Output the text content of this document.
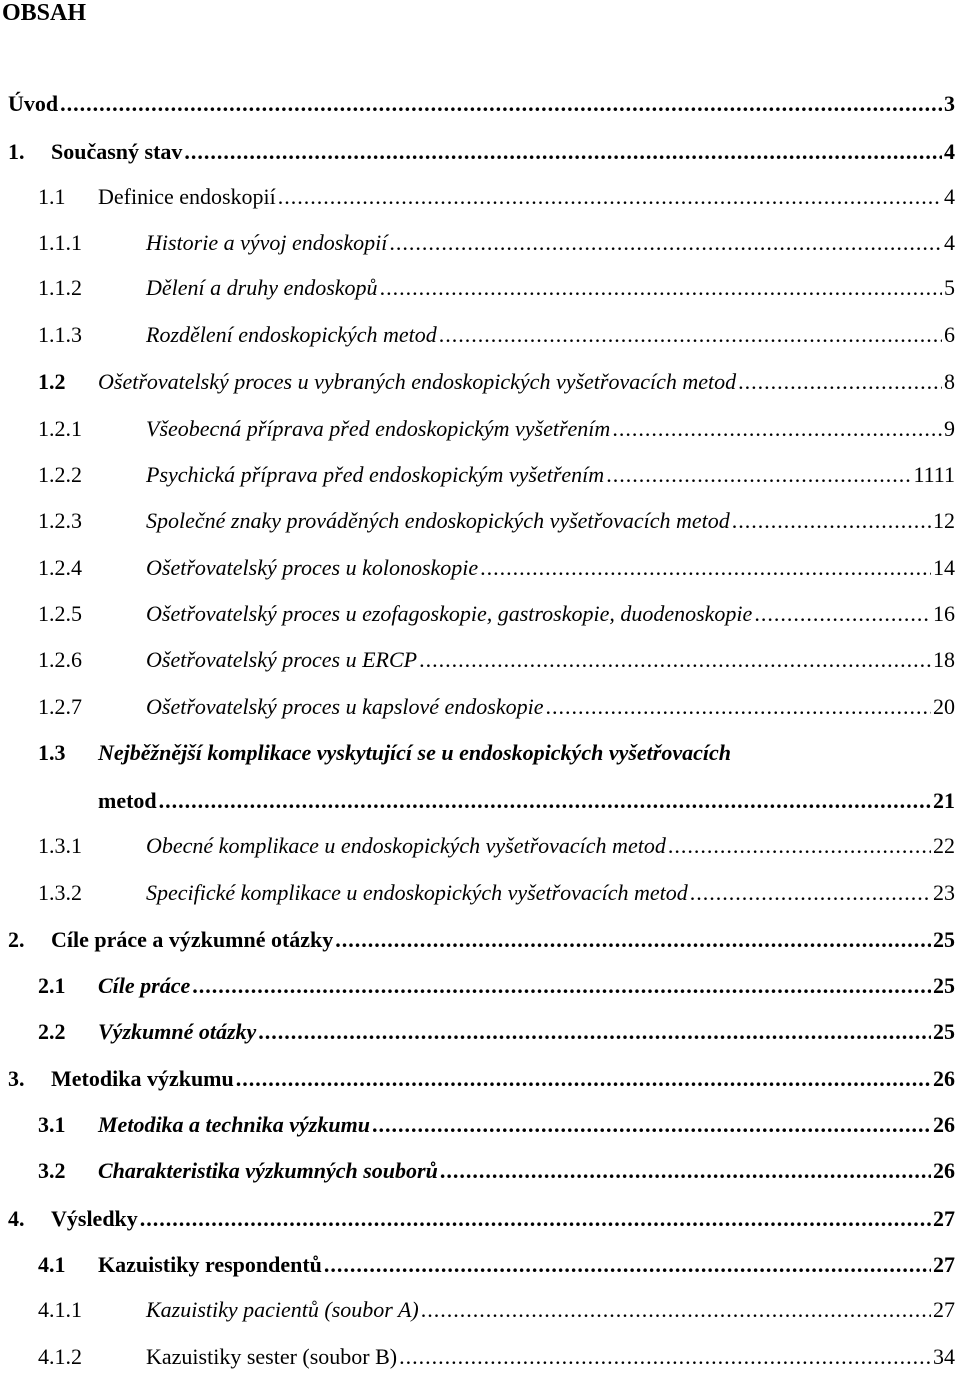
OBSAH
Úvod .....	3
1.	Současný stav .....	4
1.1	Definice endoskopií .....	4
1.1.1	Historie a vývoj endoskopií .....	4
1.1.2	Dělení a druhy endoskopů .....	5
1.1.3	Rozdělení endoskopických metod .....	6
1.2	Ošetřovatelský proces u vybraných endoskopických vyšetřovacích metod .....	8
1.2.1	Všeobecná příprava před endoskopickým vyšetřením .....	9
1.2.2	Psychická příprava před endoskopickým vyšetřením .....	1111
1.2.3	Společné znaky prováděných endoskopických vyšetřovacích metod .....	12
1.2.4	Ošetřovatelský proces u kolonoskopie .....	14
1.2.5	Ošetřovatelský proces u ezofagoskopie, gastroskopie, duodenoskopie .....	16
1.2.6	Ošetřovatelský proces u ERCP .....	18
1.2.7	Ošetřovatelský proces u kapslové endoskopie .....	20
1.3	Nejběžnější komplikace vyskytující se u endoskopických vyšetřovacích
metod .....	21
1.3.1	Obecné komplikace u endoskopických vyšetřovacích metod .....	22
1.3.2	Specifické komplikace u endoskopických vyšetřovacích metod .....	23
2.	Cíle práce a výzkumné otázky .....	25
2.1	Cíle práce .....	25
2.2	Výzkumné otázky .....	25
3.	Metodika výzkumu .....	26
3.1	Metodika a technika výzkumu .....	26
3.2	Charakteristika výzkumných souborů .....	26
4.	Výsledky .....	27
4.1	Kazuistiky respondentů .....	27
4.1.1	Kazuistiky pacientů (soubor A) .....	27
4.1.2	Kazuistiky sester (soubor B) .....	34
